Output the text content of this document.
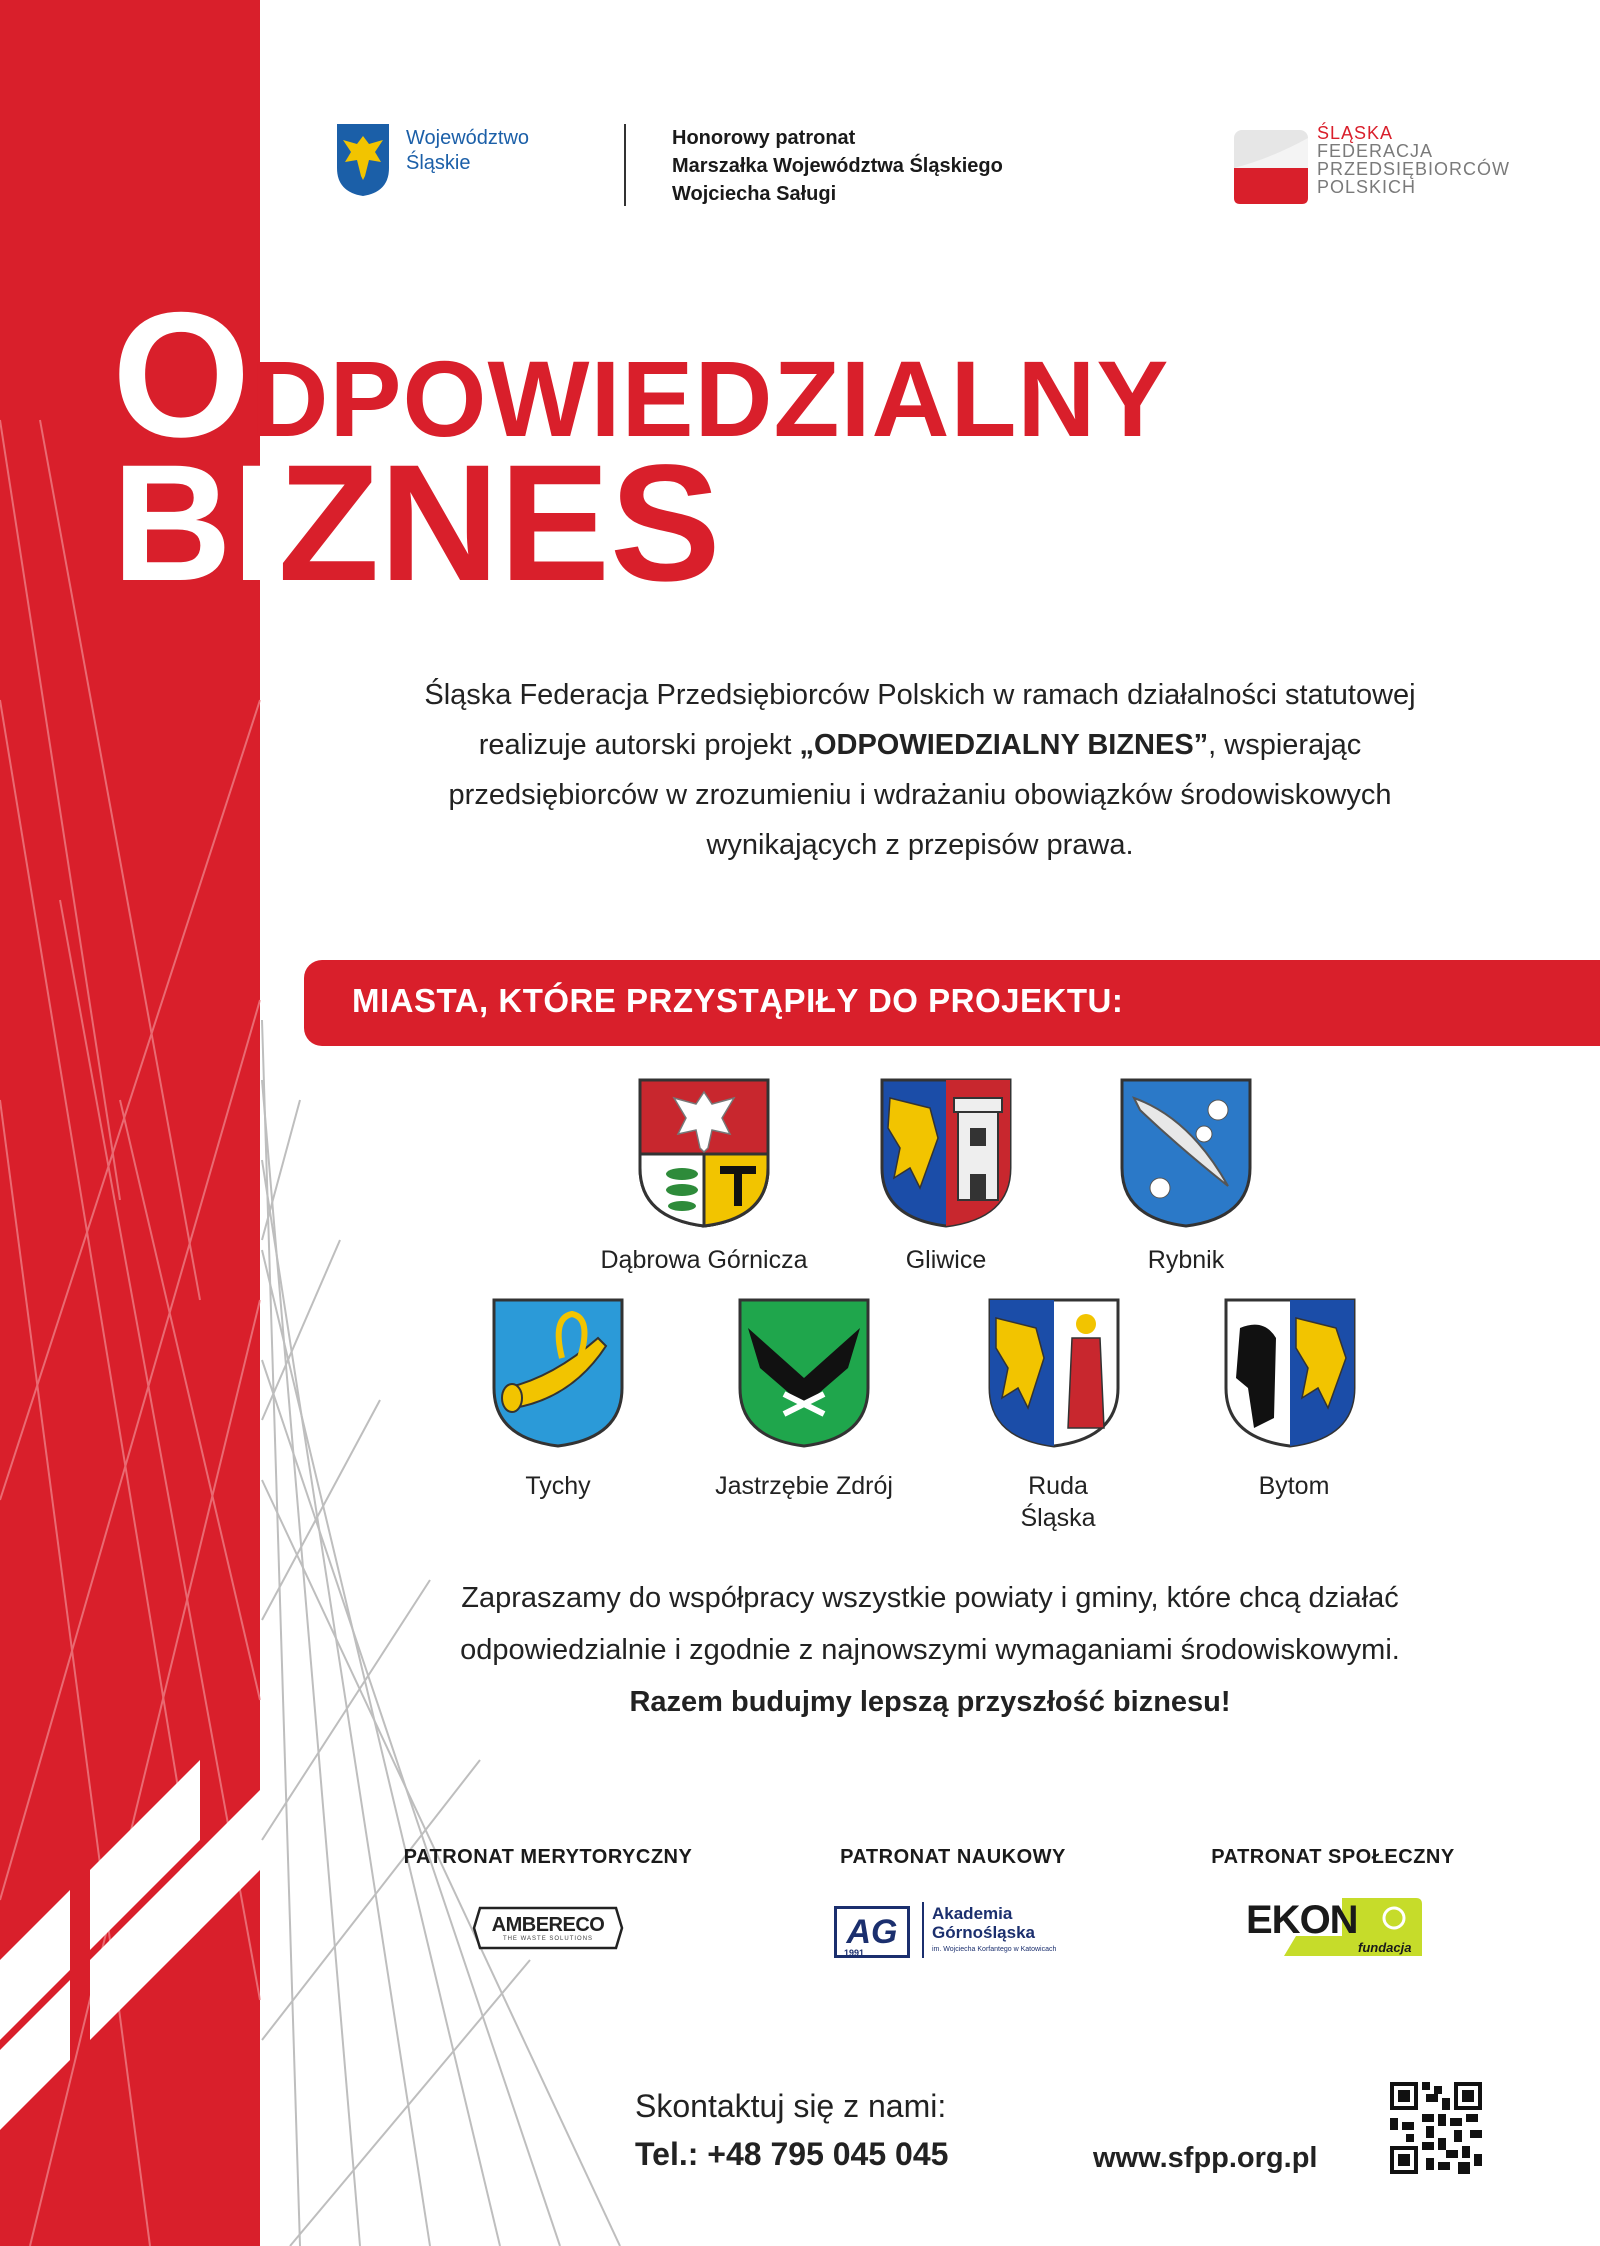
Województwo
Śląskie
Honorowy patronat
Marszałka Województwa Śląskiego
Wojciecha Saługi
ŚLĄSKA
FEDERACJA
PRZEDSIĘBIORCÓW
POLSKICH
ODPOWIEDZIALNY
BIZNES
Śląska Federacja Przedsiębiorców Polskich w ramach działalności statutowej realizuje autorski projekt „ODPOWIEDZIALNY BIZNES”, wspierając przedsiębiorców w zrozumieniu i wdrażaniu obowiązków środowiskowych wynikających z przepisów prawa.
MIASTA, KTÓRE PRZYSTĄPIŁY DO PROJEKTU:
Dąbrowa Górnicza	Gliwice	Rybnik
Tychy	Jastrzębie Zdrój	Ruda
Śląska
Bytom
Zapraszamy do współpracy wszystkie powiaty i gminy, które chcą działać
odpowiedzialnie i zgodnie z najnowszymi wymaganiami środowiskowymi.
Razem budujmy lepszą przyszłość biznesu!
PATRONAT MERYTORYCZNY	PATRONAT NAUKOWY	PATRONAT SPOŁECZNY
AMBERECO
THE WASTE SOLUTIONS	AG
1991
Akademia
Górnośląska
im. Wojciecha Korfantego w Katowicach
EKON
fundacja
Skontaktuj się z nami:
Tel.: +48 795 045 045	www.sfpp.org.pl
